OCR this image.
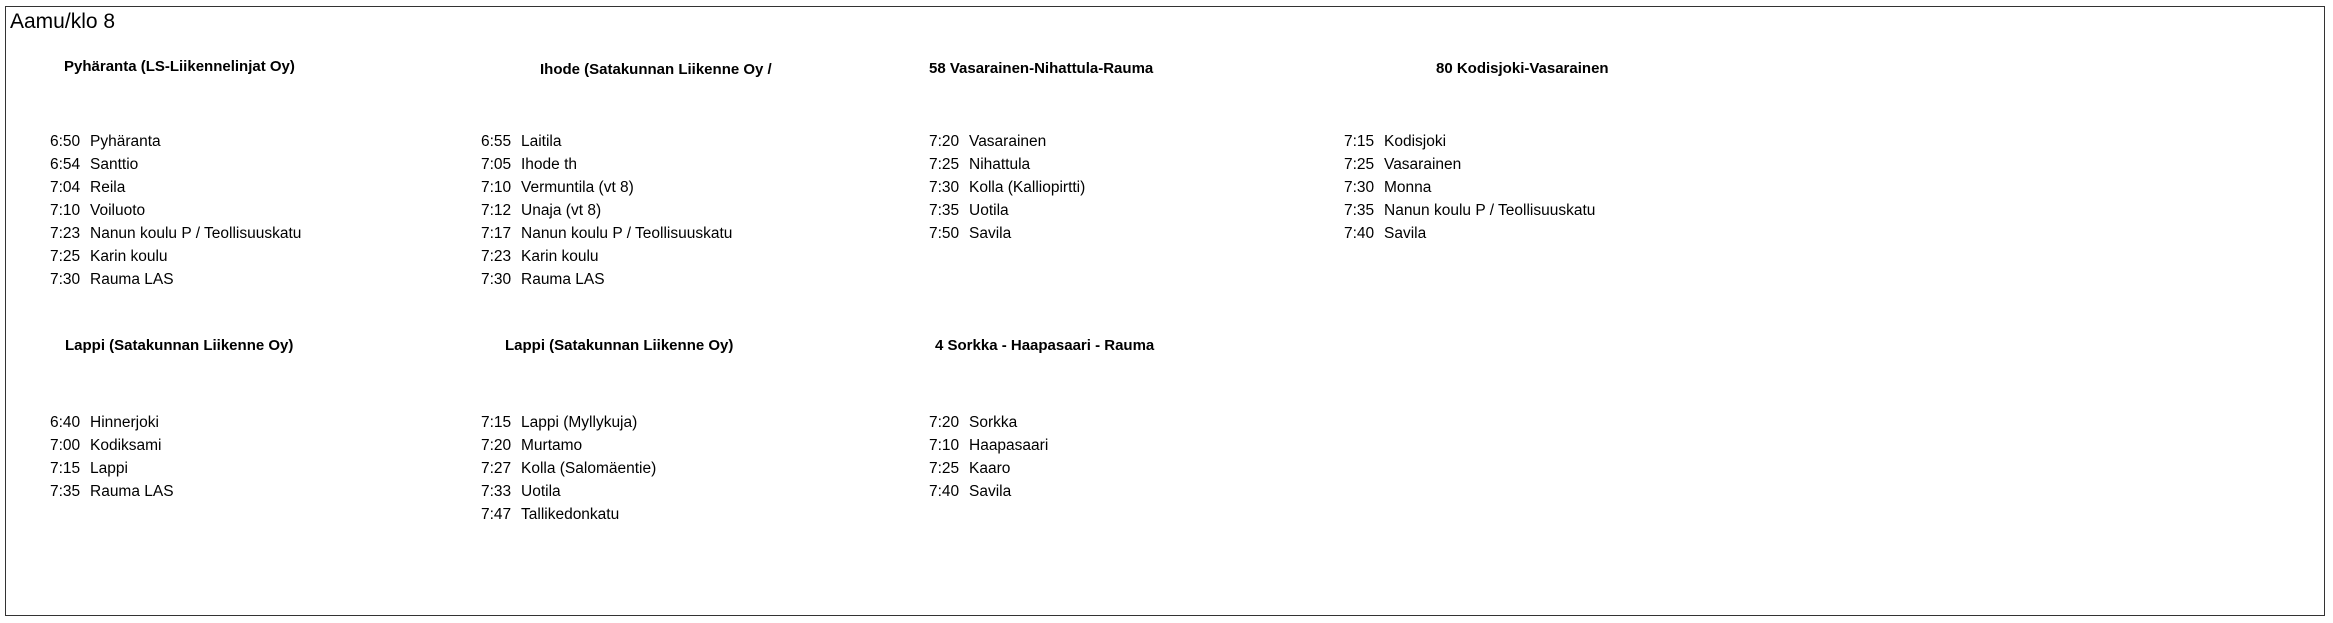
Aamu/klo 8
Pyhäranta (LS-Liikennelinjat Oy)
6:50 Pyhäranta
6:54 Santtio
7:04 Reila
7:10 Voiluoto
7:23 Nanun koulu P / Teollisuuskatu
7:25 Karin koulu
7:30 Rauma LAS
Ihode (Satakunnan Liikenne Oy /
6:55 Laitila
7:05 Ihode th
7:10 Vermuntila (vt 8)
7:12 Unaja (vt 8)
7:17 Nanun koulu P / Teollisuuskatu
7:23 Karin koulu
7:30 Rauma LAS
58 Vasarainen-Nihattula-Rauma
7:20 Vasarainen
7:25 Nihattula
7:30 Kolla (Kalliopirtti)
7:35 Uotila
7:50 Savila
80 Kodisjoki-Vasarainen
7:15 Kodisjoki
7:25 Vasarainen
7:30 Monna
7:35 Nanun koulu P / Teollisuuskatu
7:40 Savila
Lappi (Satakunnan Liikenne Oy)
6:40 Hinnerjoki
7:00 Kodiksami
7:15 Lappi
7:35 Rauma LAS
Lappi (Satakunnan Liikenne Oy)
7:15 Lappi (Myllykuja)
7:20 Murtamo
7:27 Kolla (Salomäentie)
7:33 Uotila
7:47 Tallikedonkatu
4 Sorkka - Haapasaari - Rauma
7:20 Sorkka
7:10 Haapasaari
7:25 Kaaro
7:40 Savila
